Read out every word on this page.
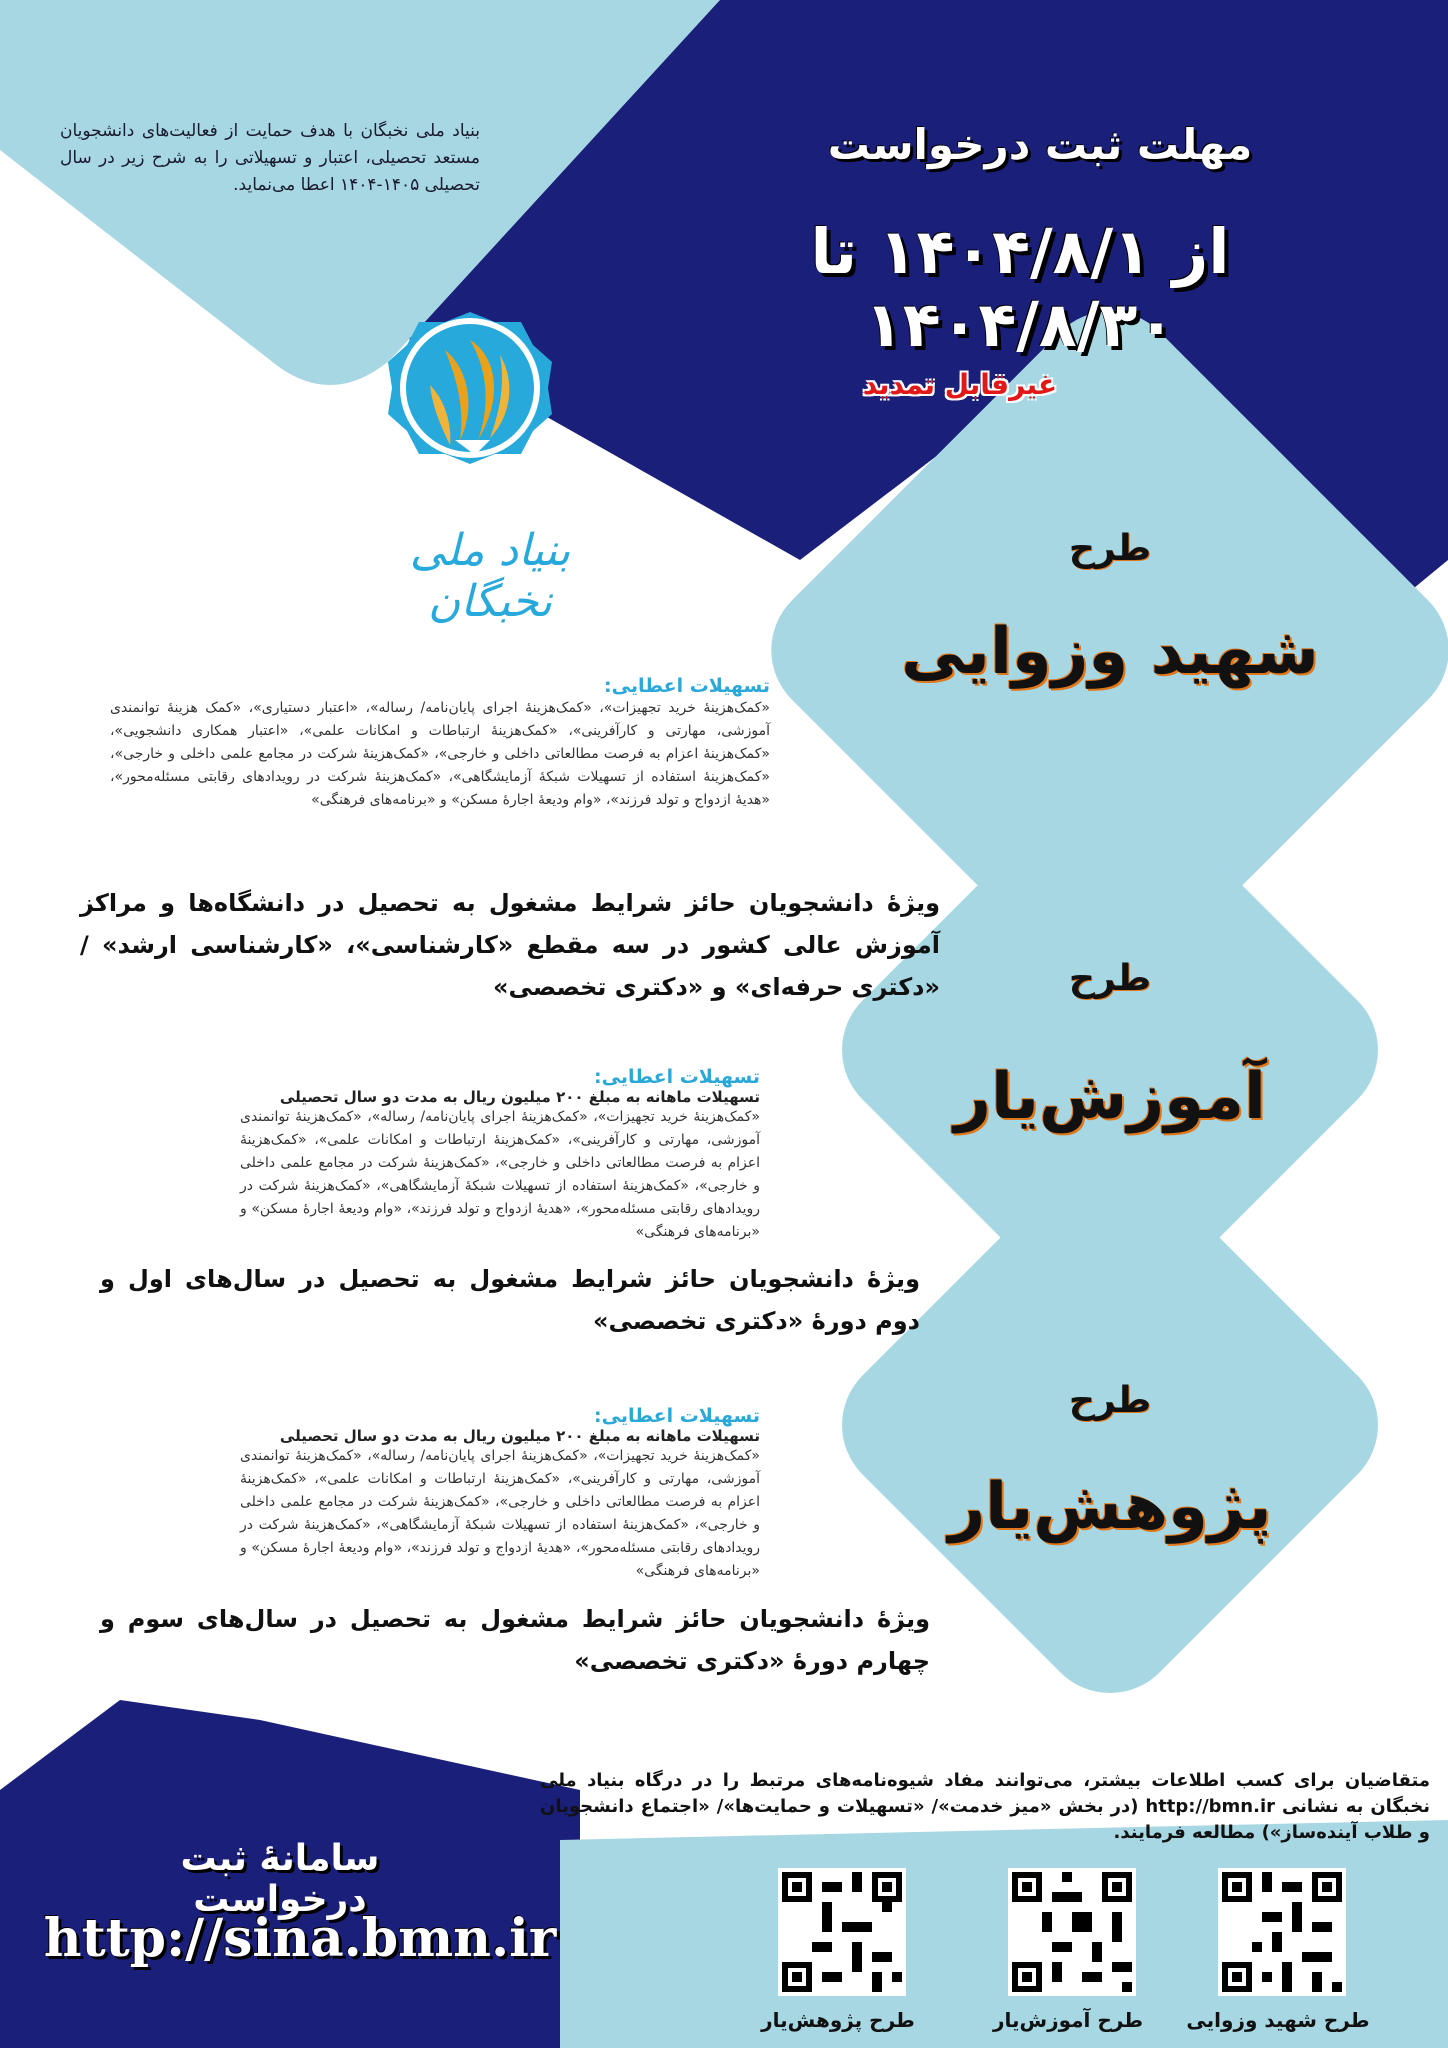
بنیاد ملی نخبگان با هدف حمایت از فعالیت‌های دانشجویان مستعد تحصیلی، اعتبار و تسهیلاتی را به شرح زیر در سال تحصیلی ۱۴۰۵-۱۴۰۴ اعطا می‌نماید.
مهلت ثبت درخواست
از ۱۴۰۴/۸/۱ تا ۱۴۰۴/۸/۳۰
غیرقابل تمدید
بنیاد ملی نخبگان
طرح
شهید وزوایی
تسهیلات اعطایی:
«کمک‌هزینهٔ خرید تجهیزات»، «کمک‌هزینهٔ اجرای پایان‌نامه/ رساله»، «اعتبار دستیاری»، «کمک هزینهٔ توانمندی آموزشی، مهارتی و کارآفرینی»، «کمک‌هزینهٔ ارتباطات و امکانات علمی»، «اعتبار همکاری دانشجویی»، «کمک‌هزینهٔ اعزام به فرصت مطالعاتی داخلی و خارجی»، «کمک‌هزینهٔ شرکت در مجامع علمی داخلی و خارجی»، «کمک‌هزینهٔ استفاده از تسهیلات شبکهٔ آزمایشگاهی»، «کمک‌هزینهٔ شرکت در رویدادهای رقابتی مسئله‌محور»، «هدیهٔ ازدواج و تولد فرزند»، «وام ودیعهٔ اجارهٔ مسکن» و «برنامه‌های فرهنگی»
ویژهٔ دانشجویان حائز شرایط مشغول به تحصیل در دانشگاه‌ها و مراکز آموزش عالی کشور در سه مقطع «کارشناسی»، «کارشناسی ارشد» / «دکتری حرفه‌ای» و «دکتری تخصصی»	طرح
آموزش‌یار
تسهیلات اعطایی:
تسهیلات ماهانه به مبلغ ۲۰۰ میلیون ریال به مدت دو سال تحصیلی
«کمک‌هزینهٔ خرید تجهیزات»، «کمک‌هزینهٔ اجرای پایان‌نامه/ رساله»، «کمک‌هزینهٔ توانمندی آموزشی، مهارتی و کارآفرینی»، «کمک‌هزینهٔ ارتباطات و امکانات علمی»، «کمک‌هزینهٔ اعزام به فرصت مطالعاتی داخلی و خارجی»، «کمک‌هزینهٔ شرکت در مجامع علمی داخلی و خارجی»، «کمک‌هزینهٔ استفاده از تسهیلات شبکهٔ آزمایشگاهی»، «کمک‌هزینهٔ شرکت در رویدادهای رقابتی مسئله‌محور»، «هدیهٔ ازدواج و تولد فرزند»، «وام ودیعهٔ اجارهٔ مسکن» و «برنامه‌های فرهنگی»
ویژهٔ دانشجویان حائز شرایط مشغول به تحصیل در سال‌های اول و دوم دورهٔ «دکتری تخصصی»
طرح
پژوهش‌یار
تسهیلات اعطایی:
تسهیلات ماهانه به مبلغ ۲۰۰ میلیون ریال به مدت دو سال تحصیلی
«کمک‌هزینهٔ خرید تجهیزات»، «کمک‌هزینهٔ اجرای پایان‌نامه/ رساله»، «کمک‌هزینهٔ توانمندی آموزشی، مهارتی و کارآفرینی»، «کمک‌هزینهٔ ارتباطات و امکانات علمی»، «کمک‌هزینهٔ اعزام به فرصت مطالعاتی داخلی و خارجی»، «کمک‌هزینهٔ شرکت در مجامع علمی داخلی و خارجی»، «کمک‌هزینهٔ استفاده از تسهیلات شبکهٔ آزمایشگاهی»، «کمک‌هزینهٔ شرکت در رویدادهای رقابتی مسئله‌محور»، «هدیهٔ ازدواج و تولد فرزند»، «وام ودیعهٔ اجارهٔ مسکن» و «برنامه‌های فرهنگی»
ویژهٔ دانشجویان حائز شرایط مشغول به تحصیل در سال‌های سوم و چهارم دورهٔ «دکتری تخصصی»
متقاضیان برای کسب اطلاعات بیشتر، می‌توانند مفاد شیوه‌نامه‌های مرتبط را در درگاه بنیاد ملی نخبگان به نشانی http://bmn.ir (در بخش «میز خدمت»/ «تسهیلات و حمایت‌ها»/ «اجتماع دانشجویان و طلاب آینده‌ساز») مطالعه فرمایند.
سامانهٔ ثبت درخواست
http://sina.bmn.ir
طرح شهید وزوایی
طرح آموزش‌یار
طرح پژوهش‌یار
